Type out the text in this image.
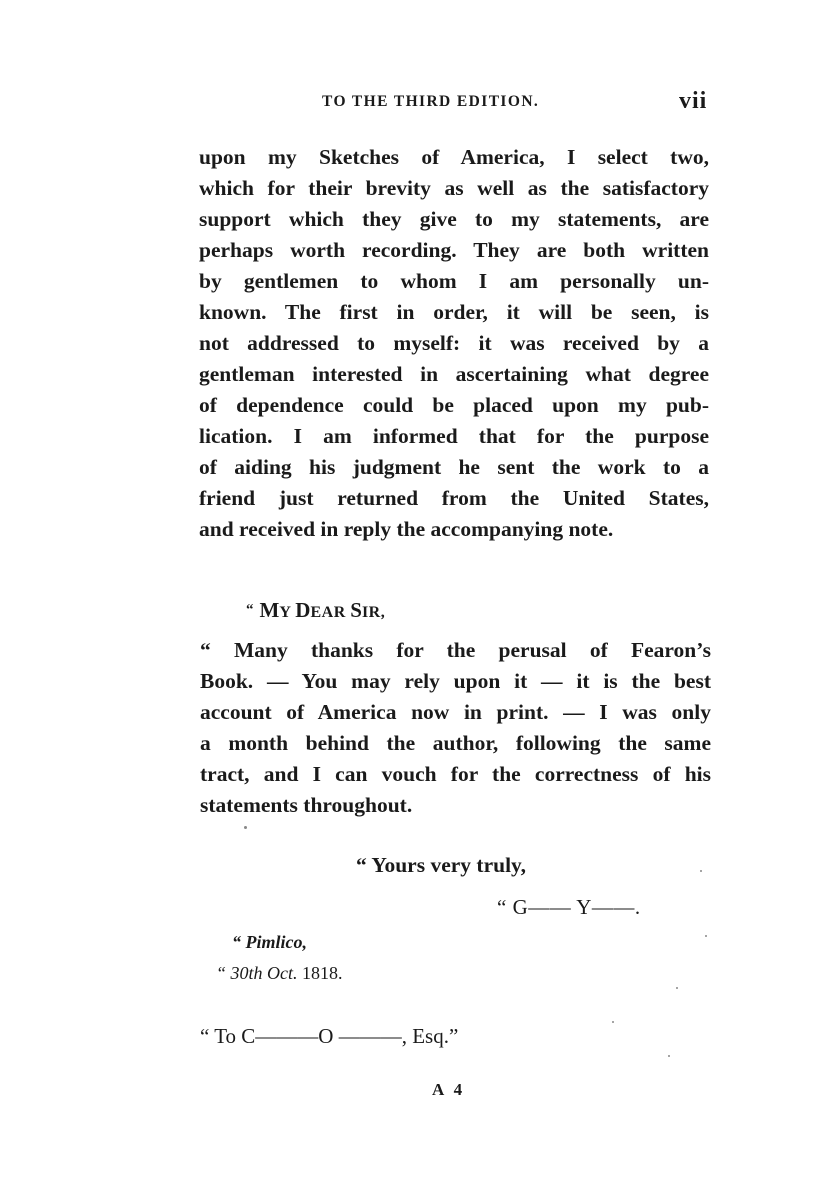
TO THE THIRD EDITION.	vii
upon my Sketches of America, I select two,
which for their brevity as well as the satisfactory
support which they give to my statements, are
perhaps worth recording. They are both written
by gentlemen to whom I am personally un-
known. The first in order, it will be seen, is
not addressed to myself: it was received by a
gentleman interested in ascertaining what degree
of dependence could be placed upon my pub-
lication. I am informed that for the purpose
of aiding his judgment he sent the work to a
friend just returned from the United States,
and received in reply the accompanying note.
“ MY DEAR SIR,
“ Many thanks for the perusal of Fearon’s
Book. — You may rely upon it — it is the best
account of America now in print. — I was only
a month behind the author, following the same
tract, and I can vouch for the correctness of his
statements throughout.
“ Yours very truly,
“ G—— Y——.
“ Pimlico,
“ 30th Oct. 1818.
“ To C———O ———, Esq.”
A 4
